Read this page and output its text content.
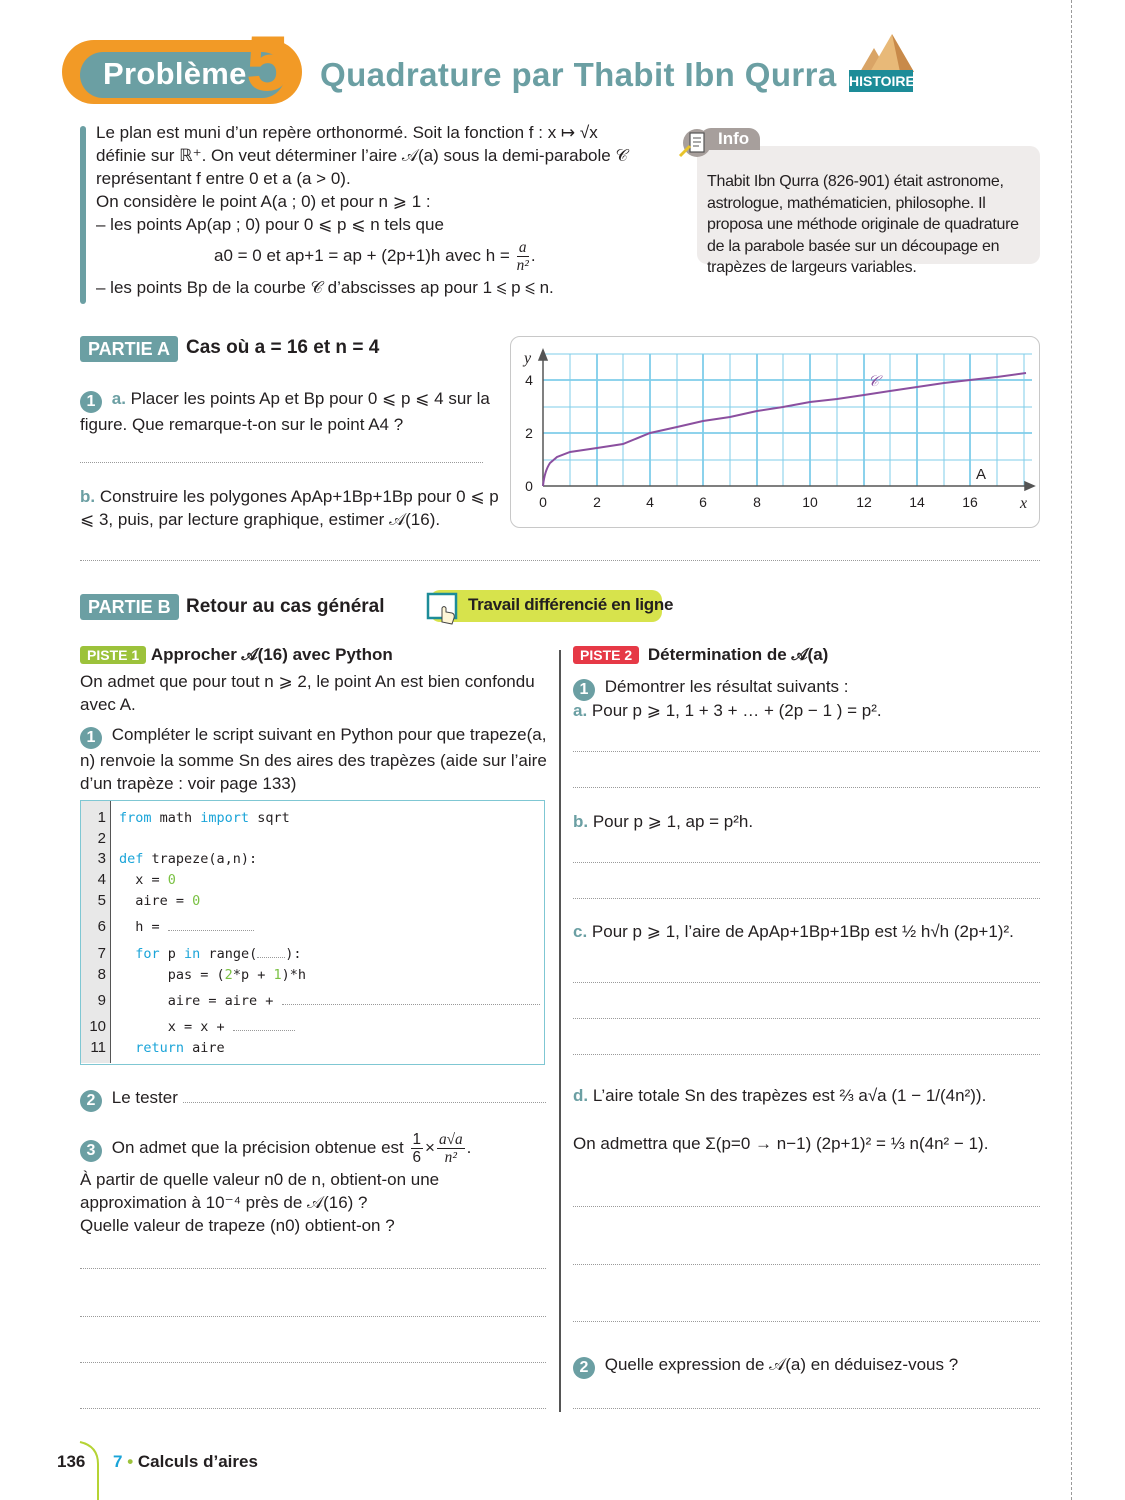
Problème 5 Quadrature par Thabit Ibn Qurra HISTOIRE
Le plan est muni d’un repère orthonormé. Soit la fonction f : x ↦ √x
définie sur ℝ⁺. On veut déterminer l’aire 𝒜(a) sous la demi-parabole 𝒞
représentant f entre 0 et a (a > 0).
On considère le point A(a ; 0) et pour n ⩾ 1 :
– les points Ap(ap ; 0) pour 0 ⩽ p ⩽ n tels que
a0 = 0 et ap+1 = ap + (2p+1)h avec $h = \frac{a}{\text{n²}}$ .
– les points Bp de la courbe 𝒞 d’abscisses ap pour 1 ⩽ p ⩽ n.
Info
Thabit Ibn Qurra (826-901) était astronome, astrologue, mathématicien, philosophe. Il proposa une méthode originale de quadrature de la parabole basée sur un découpage en trapèzes de largeurs variables.
PARTIE A Cas où a = 16 et n = 4
1 a. Placer les points Ap et Bp pour 0 ⩽ p ⩽ 4 sur la figure. Que remarque-t-on sur le point A4 ?
b. Construire les polygones ApAp+1Bp+1Bp pour 0 ⩽ p ⩽ 3, puis, par lecture graphique, estimer 𝒜(16).
0	2	4	6	8	10	12	14	16
0
2
4
x
y
𝒞
A
PARTIE B Retour au cas général	Travail différencié en ligne
PISTE 1 Approcher 𝒜(16) avec Python
On admet que pour tout n ⩾ 2, le point An est bien confondu avec A.
1 Compléter le script suivant en Python pour que trapeze(a, n) renvoie la somme Sn des aires des trapèzes (aide sur l’aire d’un trapèze : voir page 133)
1
2
3
4
5
6
7
8
9
10
11
from math import sqrt
def trapeze(a,n):
x = 0
aire = 0
h =
for p in range( ):
pas = (2*p + 1)*h
aire = aire +
x = x +
return aire
2 Le tester
3 On admet que la précision obtenue est $\frac{1}{6} \times \frac{a√a}{\text{n²}}$ .
À partir de quelle valeur n0 de n, obtient-on une approximation à 10⁻⁴ près de 𝒜(16) ?
Quelle valeur de trapeze (n0) obtient-on ?
PISTE 2 Détermination de 𝒜(a)
1 Démontrer les résultat suivants :
a. Pour p ⩾ 1, 1 + 3 + … + (2p − 1 ) = p².
b. Pour p ⩾ 1, ap = p²h.
c. Pour p ⩾ 1, l’aire de ApAp+1Bp+1Bp est ½ h√h (2p+1)².
d. L’aire totale Sn des trapèzes est ⅔ a√a (1 − 1/(4n²)).
On admettra que Σ(p=0 → n−1) (2p+1)² = ⅓ n(4n² − 1).
2 Quelle expression de 𝒜(a) en déduisez-vous ?
136 7 • Calculs d’aires
